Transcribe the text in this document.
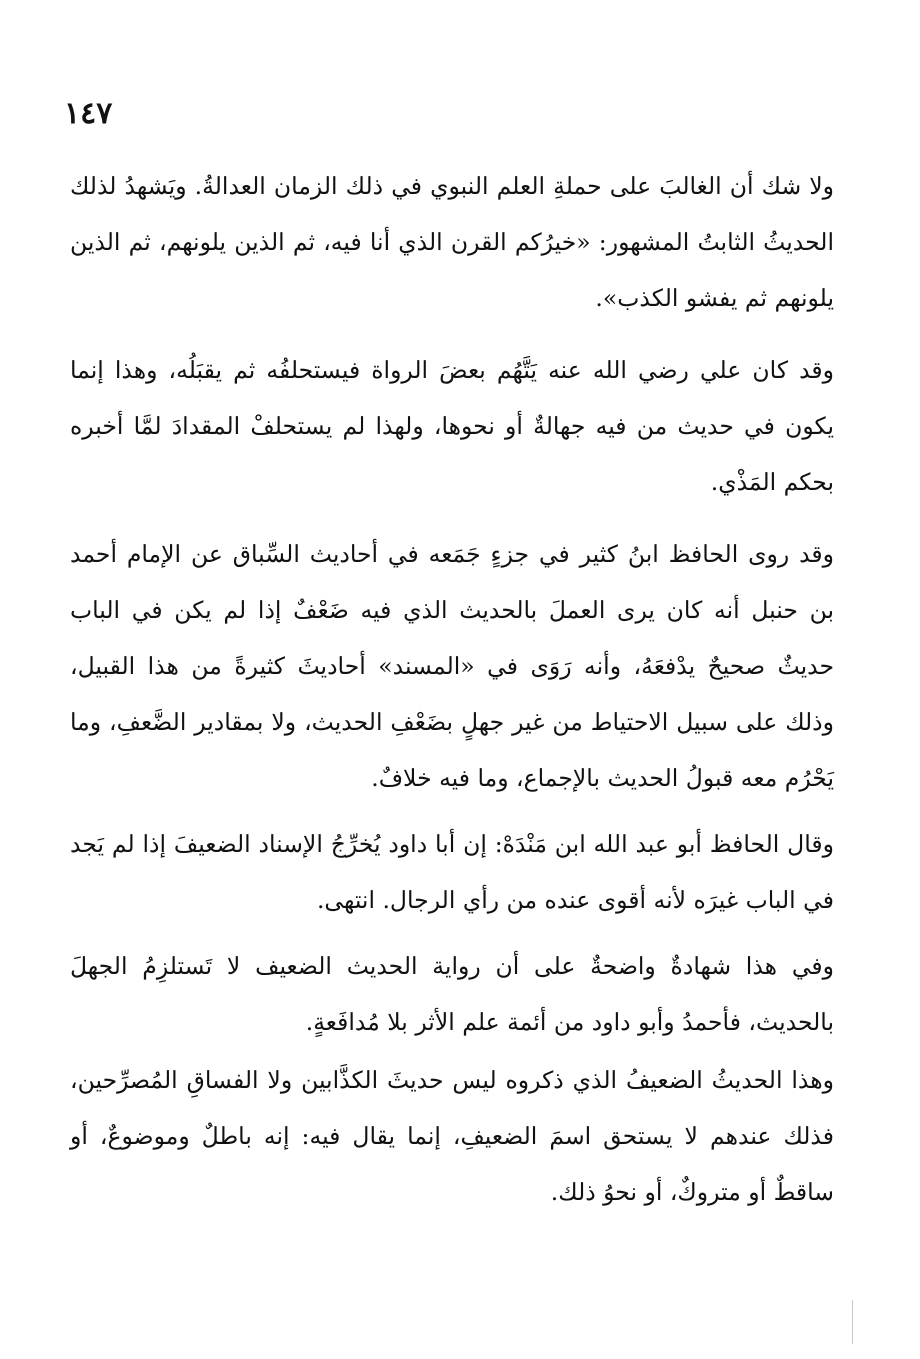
١٤٧

ولا شك أن الغالبَ على حملةِ العلم النبوي في ذلك الزمان العدالةُ. ويَشهدُ لذلك الحديثُ الثابتُ المشهور: «خيرُكم القرن الذي أنا فيه، ثم الذين يلونهم، ثم الذين يلونهم ثم يفشو الكذب».

وقد كان علي رضي الله عنه يَتَّهُم بعضَ الرواة فيستحلفُه ثم يقبَلُه، وهذا إنما يكون في حديث من فيه جهالةٌ أو نحوها، ولهذا لم يستحلفْ المقدادَ لمَّا أخبره بحكم المَذْي.

وقد روى الحافظ ابنُ كثير في جزءٍ جَمَعه في أحاديث السِّباق عن الإمام أحمد بن حنبل أنه كان يرى العملَ بالحديث الذي فيه ضَعْفٌ إذا لم يكن في الباب حديثٌ صحيحٌ يدْفعَهُ، وأنه رَوَى في «المسند» أحاديثَ كثيرةً من هذا القبيل، وذلك على سبيل الاحتياط من غير جهلٍ بضَعْفِ الحديث، ولا بمقادير الضَّعفِ، وما يَحْرُم معه قبولُ الحديث بالإجماع، وما فيه خلافٌ.

وقال الحافظ أبو عبد الله ابن مَنْدَهْ: إن أبا داود يُخرِّجُ الإسناد الضعيفَ إذا لم يَجد في الباب غيرَه لأنه أقوى عنده من رأي الرجال. انتهى.

وفي هذا شهادةٌ واضحةٌ على أن رواية الحديث الضعيف لا تَستلزِمُ الجهلَ بالحديث، فأحمدُ وأبو داود من أئمة علم الأثر بلا مُدافَعةٍ.

وهذا الحديثُ الضعيفُ الذي ذكروه ليس حديثَ الكذَّابين ولا الفساقِ المُصرِّحين، فذلك عندهم لا يستحق اسمَ الضعيفِ، إنما يقال فيه: إنه باطلٌ وموضوعٌ، أو ساقطٌ أو متروكٌ، أو نحوُ ذلك.
